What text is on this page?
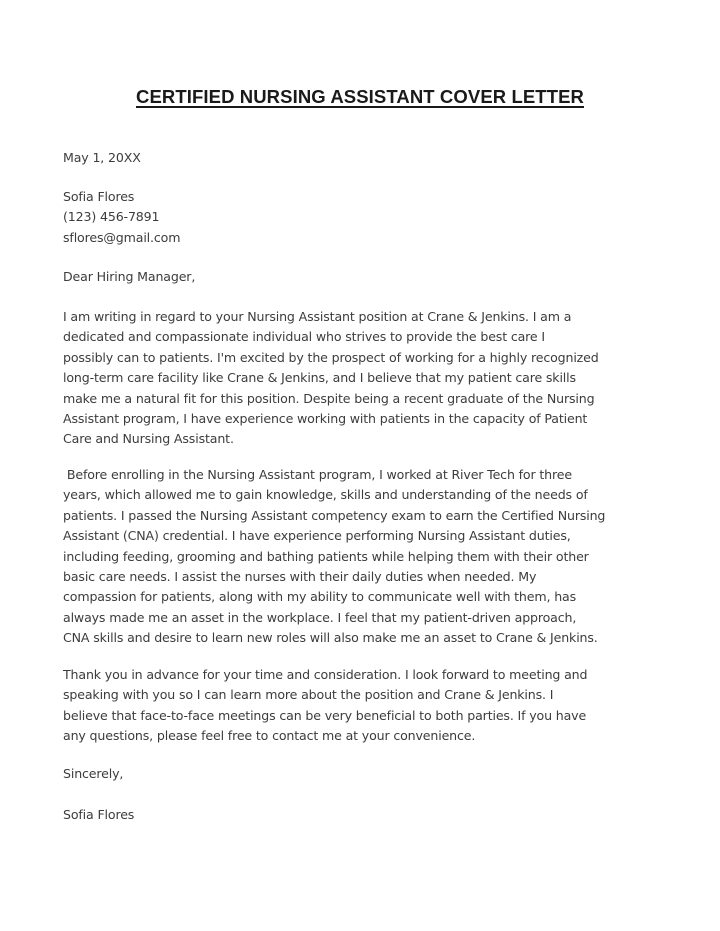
CERTIFIED NURSING ASSISTANT COVER LETTER
May 1, 20XX
Sofia Flores
(123) 456-7891
sflores@gmail.com
Dear Hiring Manager,
I am writing in regard to your Nursing Assistant position at Crane & Jenkins. I am a
dedicated and compassionate individual who strives to provide the best care I
possibly can to patients. I'm excited by the prospect of working for a highly recognized
long-term care facility like Crane & Jenkins, and I believe that my patient care skills
make me a natural fit for this position. Despite being a recent graduate of the Nursing
Assistant program, I have experience working with patients in the capacity of Patient
Care and Nursing Assistant.
Before enrolling in the Nursing Assistant program, I worked at River Tech for three
years, which allowed me to gain knowledge, skills and understanding of the needs of
patients. I passed the Nursing Assistant competency exam to earn the Certified Nursing
Assistant (CNA) credential. I have experience performing Nursing Assistant duties,
including feeding, grooming and bathing patients while helping them with their other
basic care needs. I assist the nurses with their daily duties when needed. My
compassion for patients, along with my ability to communicate well with them, has
always made me an asset in the workplace. I feel that my patient-driven approach,
CNA skills and desire to learn new roles will also make me an asset to Crane & Jenkins.
Thank you in advance for your time and consideration. I look forward to meeting and
speaking with you so I can learn more about the position and Crane & Jenkins. I
believe that face-to-face meetings can be very beneficial to both parties. If you have
any questions, please feel free to contact me at your convenience.
Sincerely,
Sofia Flores
